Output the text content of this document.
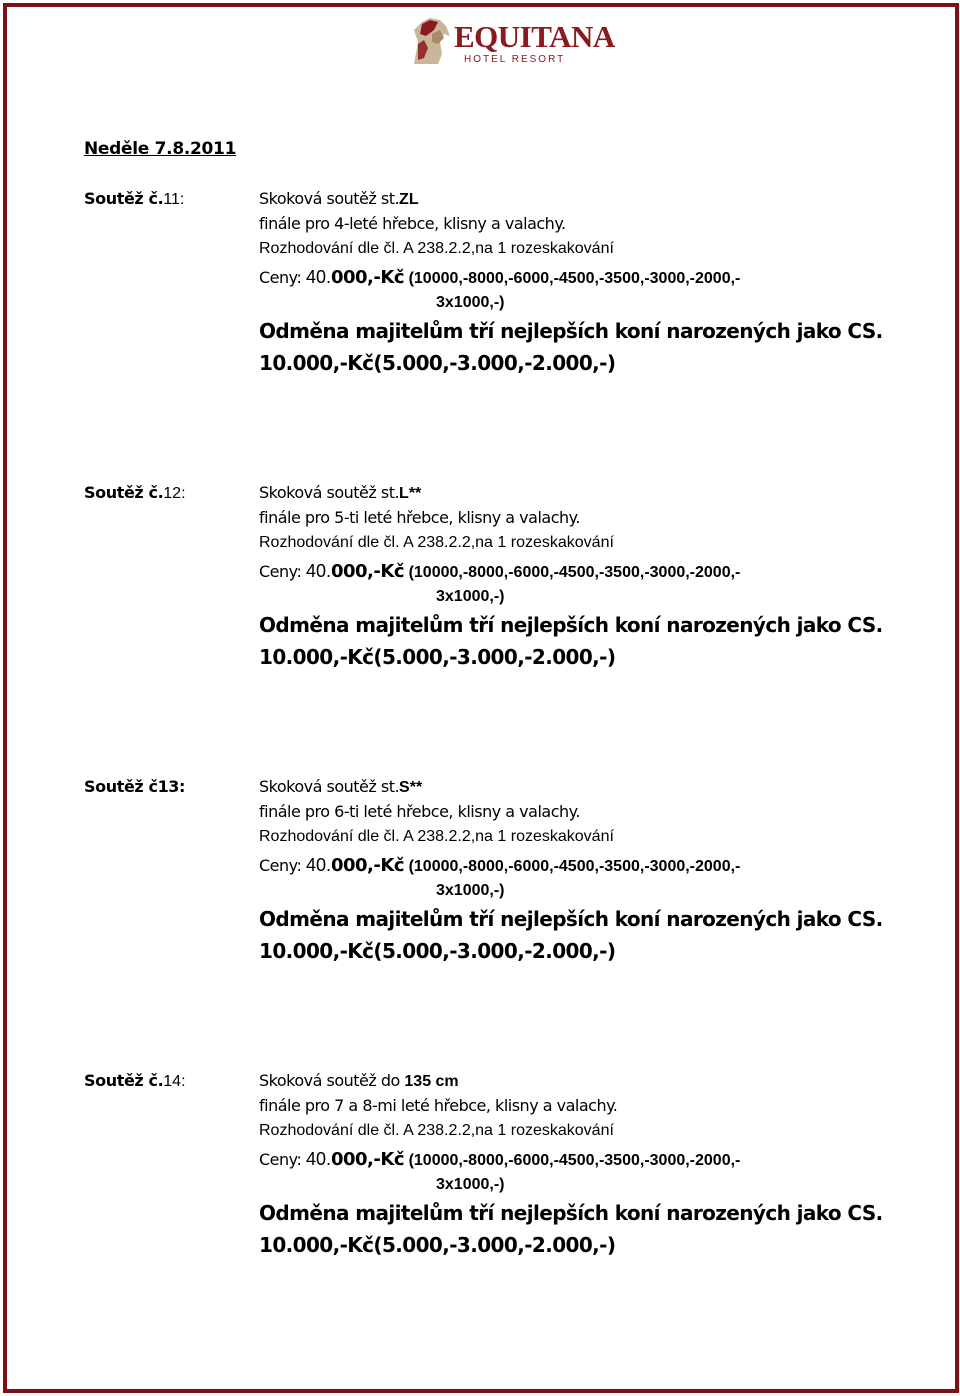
EQUITANA
HOTEL RESORT
Neděle 7.8.2011
Soutěž č.11:	Skoková soutěž st.ZL
finále pro 4-leté hřebce, klisny a valachy.
Rozhodování dle čl. A 238.2.2,na 1 rozeskakování
Ceny: 40.000,-Kč (10000,-8000,-6000,-4500,-3500,-3000,-2000,-
3x1000,-)
Odměna majitelům tří nejlepších koní narozených jako CS.
10.000,-Kč(5.000,-3.000,-2.000,-)
Soutěž č.12:	Skoková soutěž st.L**
finále pro 5-ti leté hřebce, klisny a valachy.
Rozhodování dle čl. A 238.2.2,na 1 rozeskakování
Ceny: 40.000,-Kč (10000,-8000,-6000,-4500,-3500,-3000,-2000,-
3x1000,-)
Odměna majitelům tří nejlepších koní narozených jako CS.
10.000,-Kč(5.000,-3.000,-2.000,-)
Soutěž č13:	Skoková soutěž st.S**
finále pro 6-ti leté hřebce, klisny a valachy.
Rozhodování dle čl. A 238.2.2,na 1 rozeskakování
Ceny: 40.000,-Kč (10000,-8000,-6000,-4500,-3500,-3000,-2000,-
3x1000,-)
Odměna majitelům tří nejlepších koní narozených jako CS.
10.000,-Kč(5.000,-3.000,-2.000,-)
Soutěž č.14:	Skoková soutěž do 135 cm
finále pro 7 a 8-mi leté hřebce, klisny a valachy.
Rozhodování dle čl. A 238.2.2,na 1 rozeskakování
Ceny: 40.000,-Kč (10000,-8000,-6000,-4500,-3500,-3000,-2000,-
3x1000,-)
Odměna majitelům tří nejlepších koní narozených jako CS.
10.000,-Kč(5.000,-3.000,-2.000,-)
